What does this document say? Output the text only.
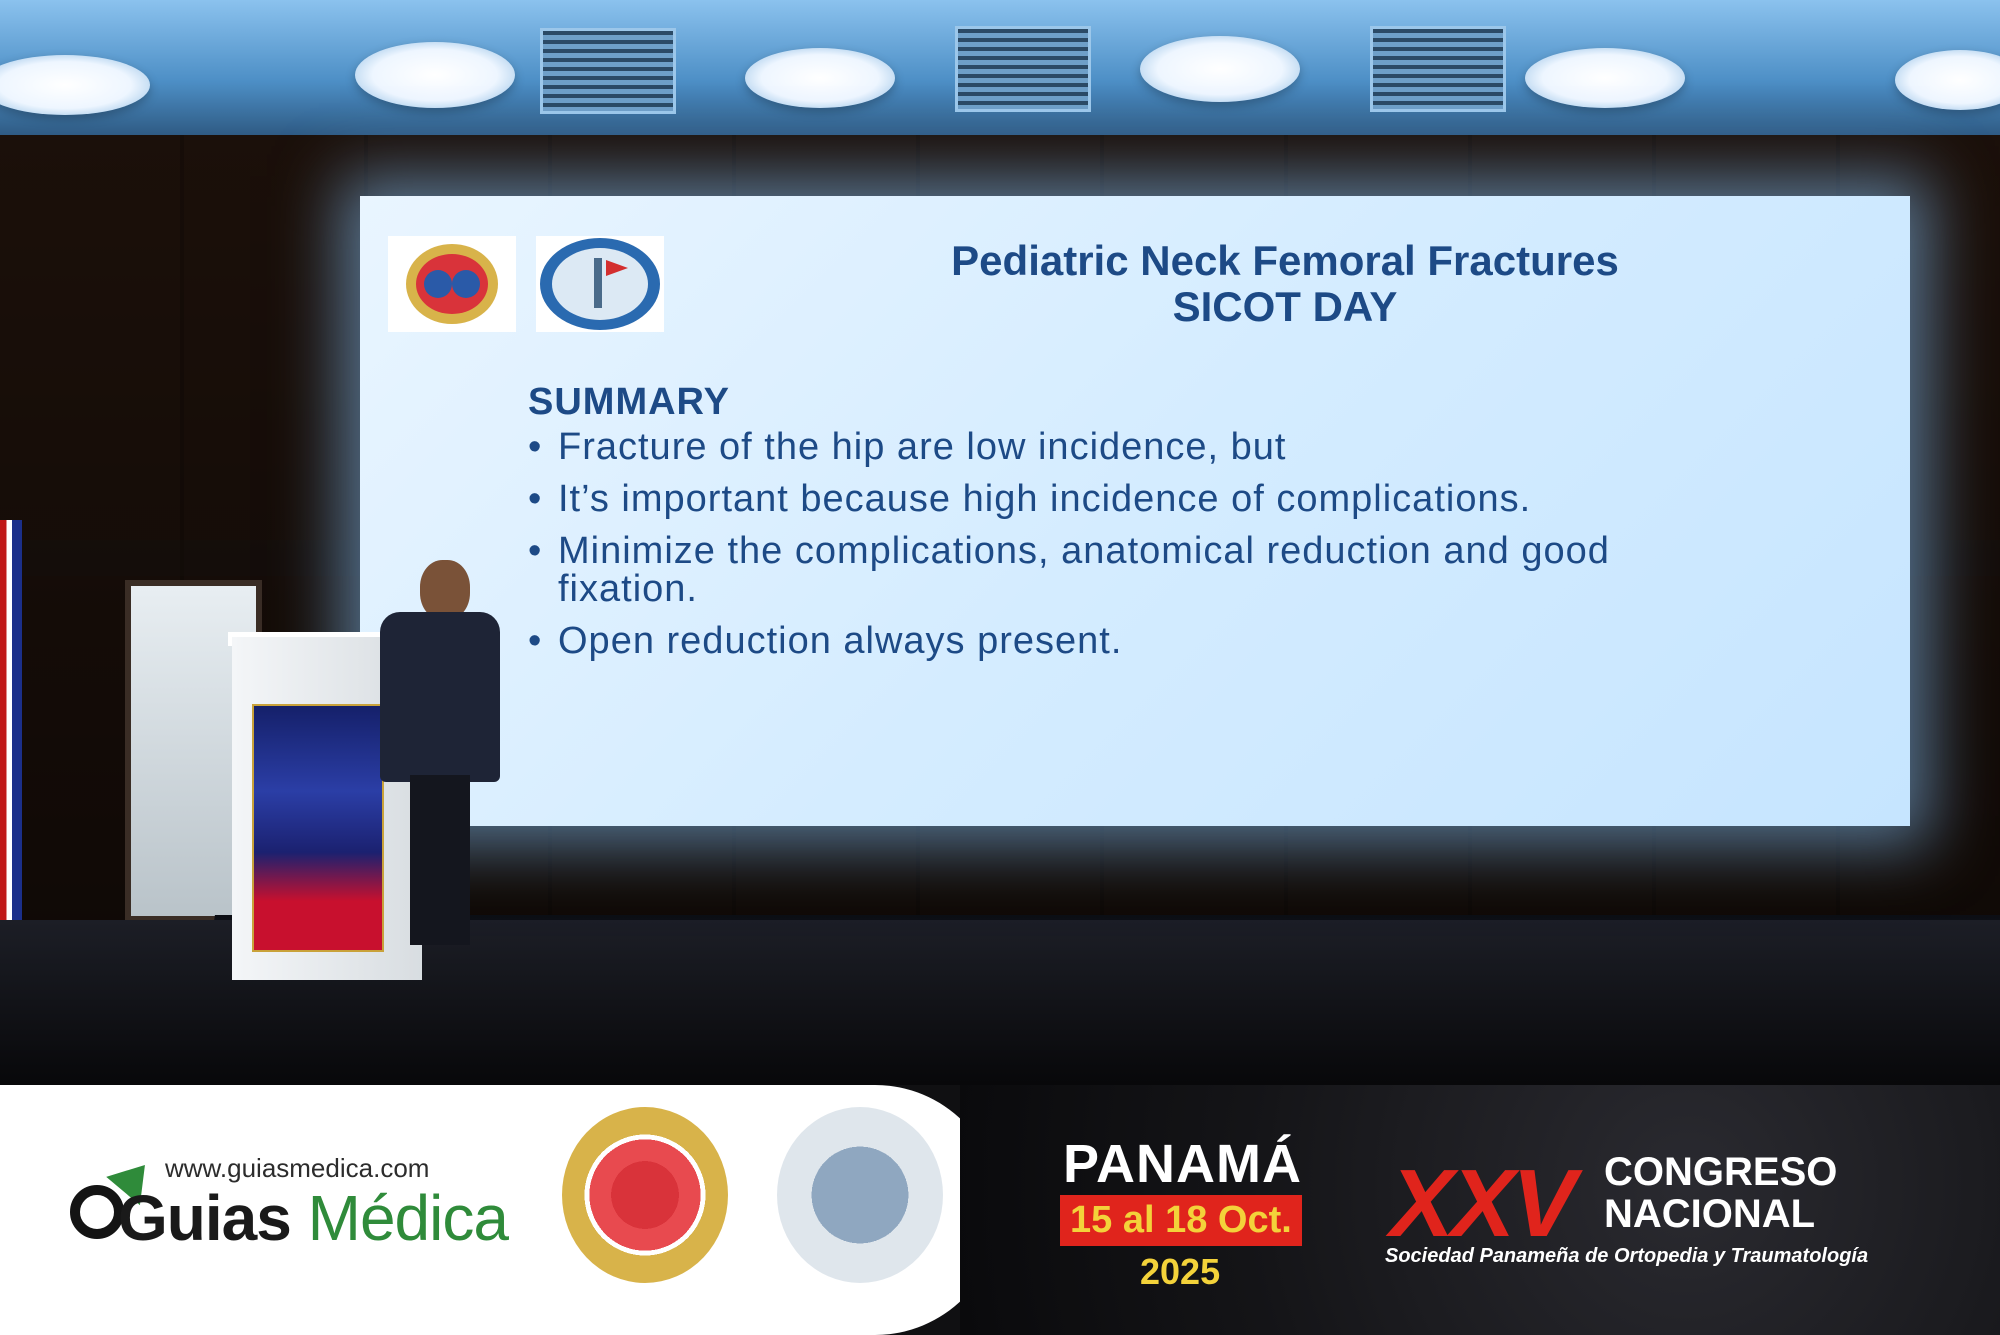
Pediatric Neck Femoral Fractures
SICOT DAY
SUMMARY
• Fracture of the hip are low incidence, but
• It’s important because high incidence of complications.
• Minimize the complications, anatomical reduction and good fixation.
• Open reduction always present.
www.guiasmedica.com
Guias Médica
PANAMÁ
15 al 18 Oct.
2025
XXV CONGRESO
NACIONAL
Sociedad Panameña de Ortopedia y Traumatología
